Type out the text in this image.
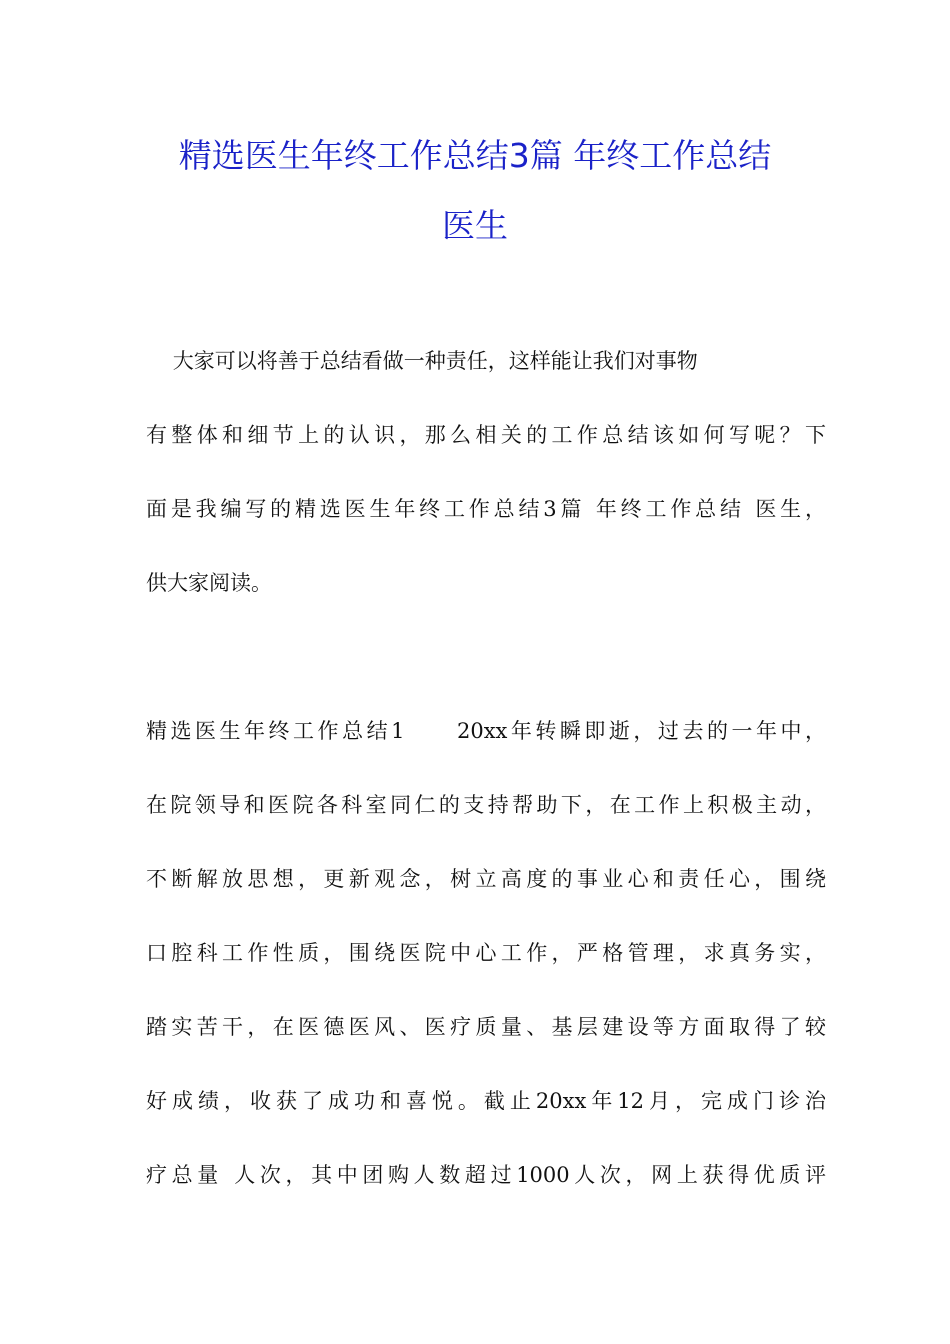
精选医生年终工作总结3篇 年终工作总结
医生
大家可以将善于总结看做一种责任，这样能让我们对事物
有整体和细节上的认识，那么相关的工作总结该如何写呢？下
面是我编写的精选医生年终工作总结3篇 年终工作总结 医生，
供大家阅读。
精选医生年终工作总结1　　20xx年转瞬即逝，过去的一年中，
在院领导和医院各科室同仁的支持帮助下，在工作上积极主动，
不断解放思想，更新观念，树立高度的事业心和责任心，围绕
口腔科工作性质，围绕医院中心工作，严格管理，求真务实，
踏实苦干，在医德医风、医疗质量、基层建设等方面取得了较
好成绩，收获了成功和喜悦。截止20xx年12月，完成门诊治
疗总量 人次，其中团购人数超过1000人次，网上获得优质评
